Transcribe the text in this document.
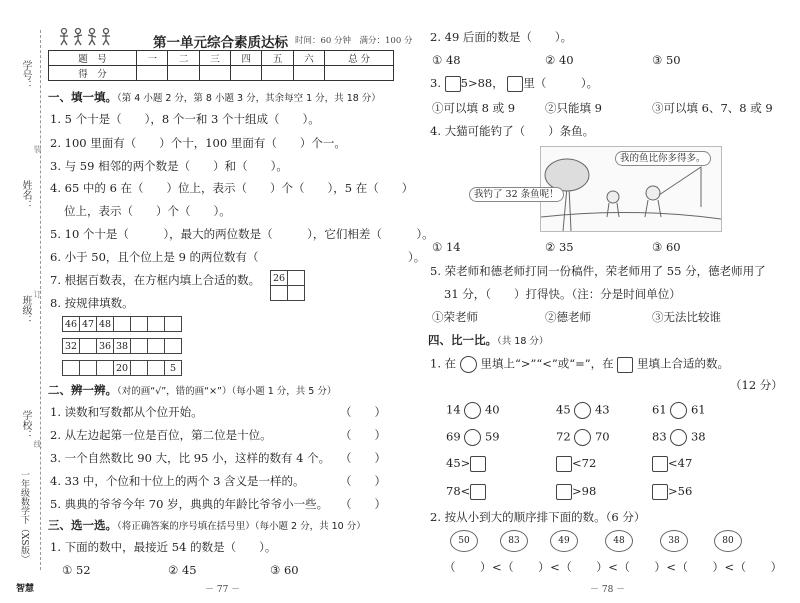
学号：
姓名：
班级：
学校：
一年级数学下（XS版）
装
订
线
智慧
第一单元综合素质达标 时间：60 分钟　满分：100 分
题　号	一	二	三	四	五	六	总 分
得　分							
一、填一填。（第 4 小题 2 分，第 8 小题 3 分，其余每空 1 分，共 18 分）
1. 5 个十是（　　），8 个一和 3 个十组成（　　）。
2. 100 里面有（　　）个十，100 里面有（　　）个一。
3. 与 59 相邻的两个数是（　　）和（　　）。
4. 65 中的 6 在（　　）位上，表示（　　）个（　　），5 在（　　）
位上，表示（　　）个（　　）。
5. 10 个十是（　　　），最大的两位数是（　　　），它们相差（　　　）。
6. 小于 50，且个位上是 9 的两位数有（　　　　　　　　　　　　　）。
7. 根据百数表，在方框内填上合适的数。 26	

8. 按规律填数。
46	47	48				
32		36	38			
			20			5
二、辨一辨。（对的画“√”，错的画“×”）（每小题 1 分，共 5 分）
1. 读数和写数都从个位开始。	（　　）
2. 从左边起第一位是百位，第二位是十位。	（　　）
3. 一个自然数比 90 大，比 95 小，这样的数有 4 个。 （　　）
4. 33 中，个位和十位上的两个 3 含义是一样的。	（　　）
5. 典典的爷爷今年 70 岁，典典的年龄比爷爷小一些。 （　　）
三、选一选。（将正确答案的序号填在括号里）（每小题 2 分，共 10 分）
1. 下面的数中，最接近 54 的数是（　　）。
① 52	② 45	③ 60
－ 77 －
2. 49 后面的数是（　　）。
① 48	② 40	③ 50
3. 5>88， 里（　　　）。
①可以填 8 或 9	②只能填 9	③可以填 6、7、8 或 9
4. 大猫可能钓了（　　）条鱼。
我的鱼比你多得多。
我钓了 32 条鱼呢！
① 14	② 35	③ 60
5. 荣老师和德老师打同一份稿件，荣老师用了 55 分，德老师用了
31 分，（　　）打得快。（注：分是时间单位）
①荣老师	②德老师	③无法比较谁
四、比一比。（共 18 分）
1. 在 里填上“>”“<”或“=”，在 里填上合适的数。
（12 分）
14 40	45 43	61 61
69 59	72 70	83 38
45>	<72	<47
78<	>98	>56
2. 按从小到大的顺序排下面的数。（6 分）
50	83	49	48	38	80
（　　）<（　　）<（　　）<（　　）<（　　）<（　　）
－ 78 －
